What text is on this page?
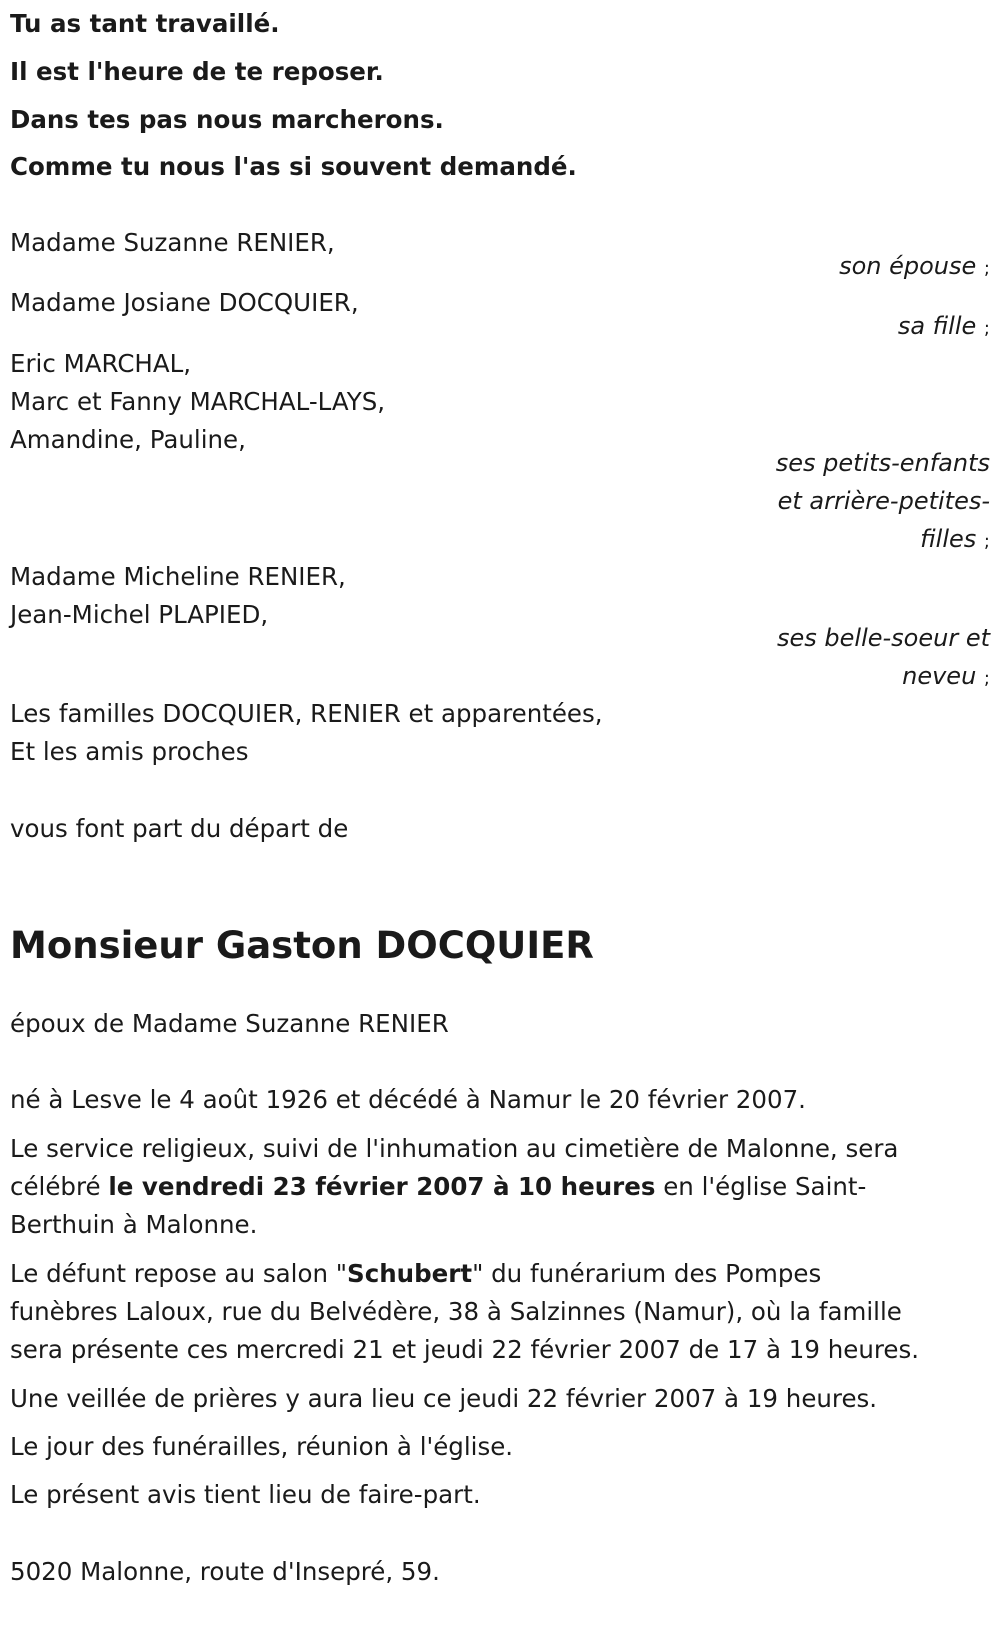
Tu as tant travaillé.

Il est l'heure de te reposer.

Dans tes pas nous marcherons.

Comme tu nous l'as si souvent demandé.

Madame Suzanne RENIER,

Madame Josiane DOCQUIER,

Eric MARCHAL,

Marc et Fanny MARCHAL-LAYS,

Amandine, Pauline,

Madame Micheline RENIER,

Jean-Michel PLAPIED,

Les familles DOCQUIER, RENIER et apparentées,

Et les amis proches

son épouse ;
sa fille ;
ses petits-enfants
et arrière-petites-
filles ;
ses belle-soeur et
neveu ;

vous font part du départ de

Monsieur Gaston DOCQUIER

époux de Madame Suzanne RENIER

né à Lesve le 4 août 1926 et décédé à Namur le 20 février 2007.

Le service religieux, suivi de l'inhumation au cimetière de Malonne, sera

célébré le vendredi 23 février 2007 à 10 heures en l'église Saint-

Berthuin à Malonne.

Le défunt repose au salon "Schubert" du funérarium des Pompes

funèbres Laloux, rue du Belvédère, 38 à Salzinnes (Namur), où la famille

sera présente ces mercredi 21 et jeudi 22 février 2007 de 17 à 19 heures.

Une veillée de prières y aura lieu ce jeudi 22 février 2007 à 19 heures.

Le jour des funérailles, réunion à l'église.

Le présent avis tient lieu de faire-part.

5020 Malonne, route d'Insepré, 59.
